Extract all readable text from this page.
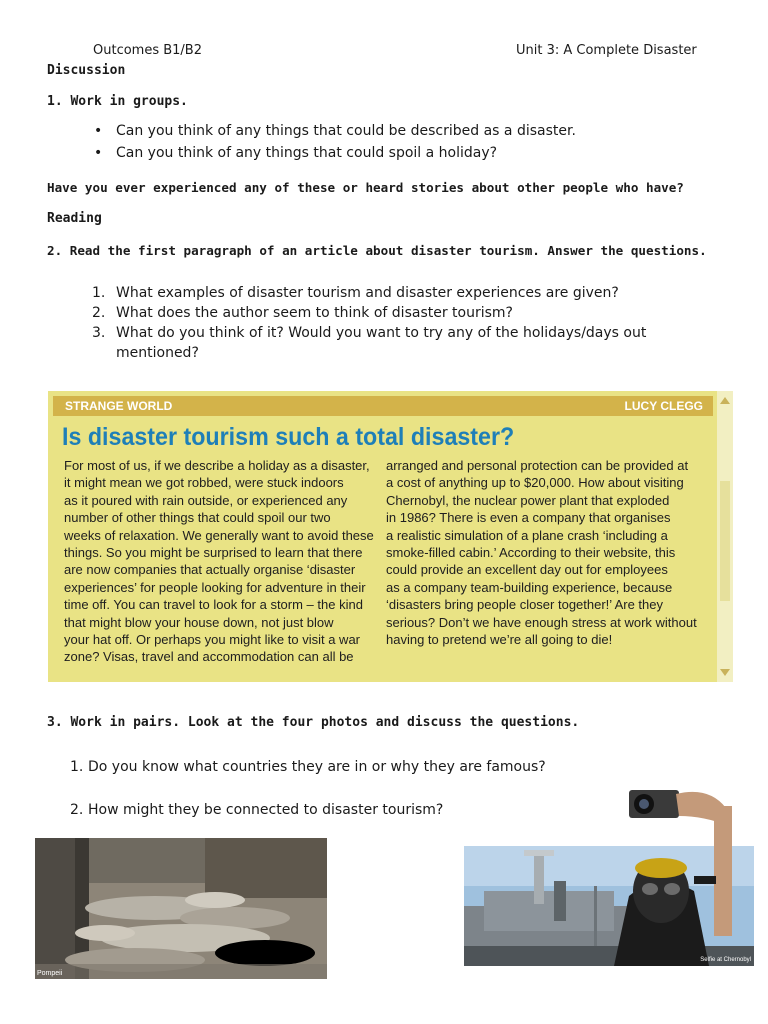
Outcomes B1/B2	Unit 3: A Complete Disaster
Discussion
1. Work in groups.
• Can you think of any things that could be described as a disaster.
• Can you think of any things that could spoil a holiday?
Have you ever experienced any of these or heard stories about other people who have?
Reading
2. Read the first paragraph of an article about disaster tourism. Answer the questions.
1. What examples of disaster tourism and disaster experiences are given?
2. What does the author seem to think of disaster tourism?
3. What do you think of it? Would you want to try any of the holidays/days out
mentioned?
STRANGE WORLD	LUCY CLEGG
Is disaster tourism such a total disaster?
For most of us, if we describe a holiday as a disaster,
it might mean we got robbed, were stuck indoors
as it poured with rain outside, or experienced any
number of other things that could spoil our two
weeks of relaxation. We generally want to avoid these
things. So you might be surprised to learn that there
are now companies that actually organise ‘disaster
experiences’ for people looking for adventure in their
time off. You can travel to look for a storm – the kind
that might blow your house down, not just blow
your hat off. Or perhaps you might like to visit a war
zone? Visas, travel and accommodation can all be
arranged and personal protection can be provided at
a cost of anything up to $20,000. How about visiting
Chernobyl, the nuclear power plant that exploded
in 1986? There is even a company that organises
a realistic simulation of a plane crash ‘including a
smoke-filled cabin.’ According to their website, this
could provide an excellent day out for employees
as a company team-building experience, because
‘disasters bring people closer together!’ Are they
serious? Don’t we have enough stress at work without
having to pretend we’re all going to die!
3. Work in pairs. Look at the four photos and discuss the questions.
1. Do you know what countries they are in or why they are famous?
2. How might they be connected to disaster tourism?
Pompeii
Selfie at Chernobyl
